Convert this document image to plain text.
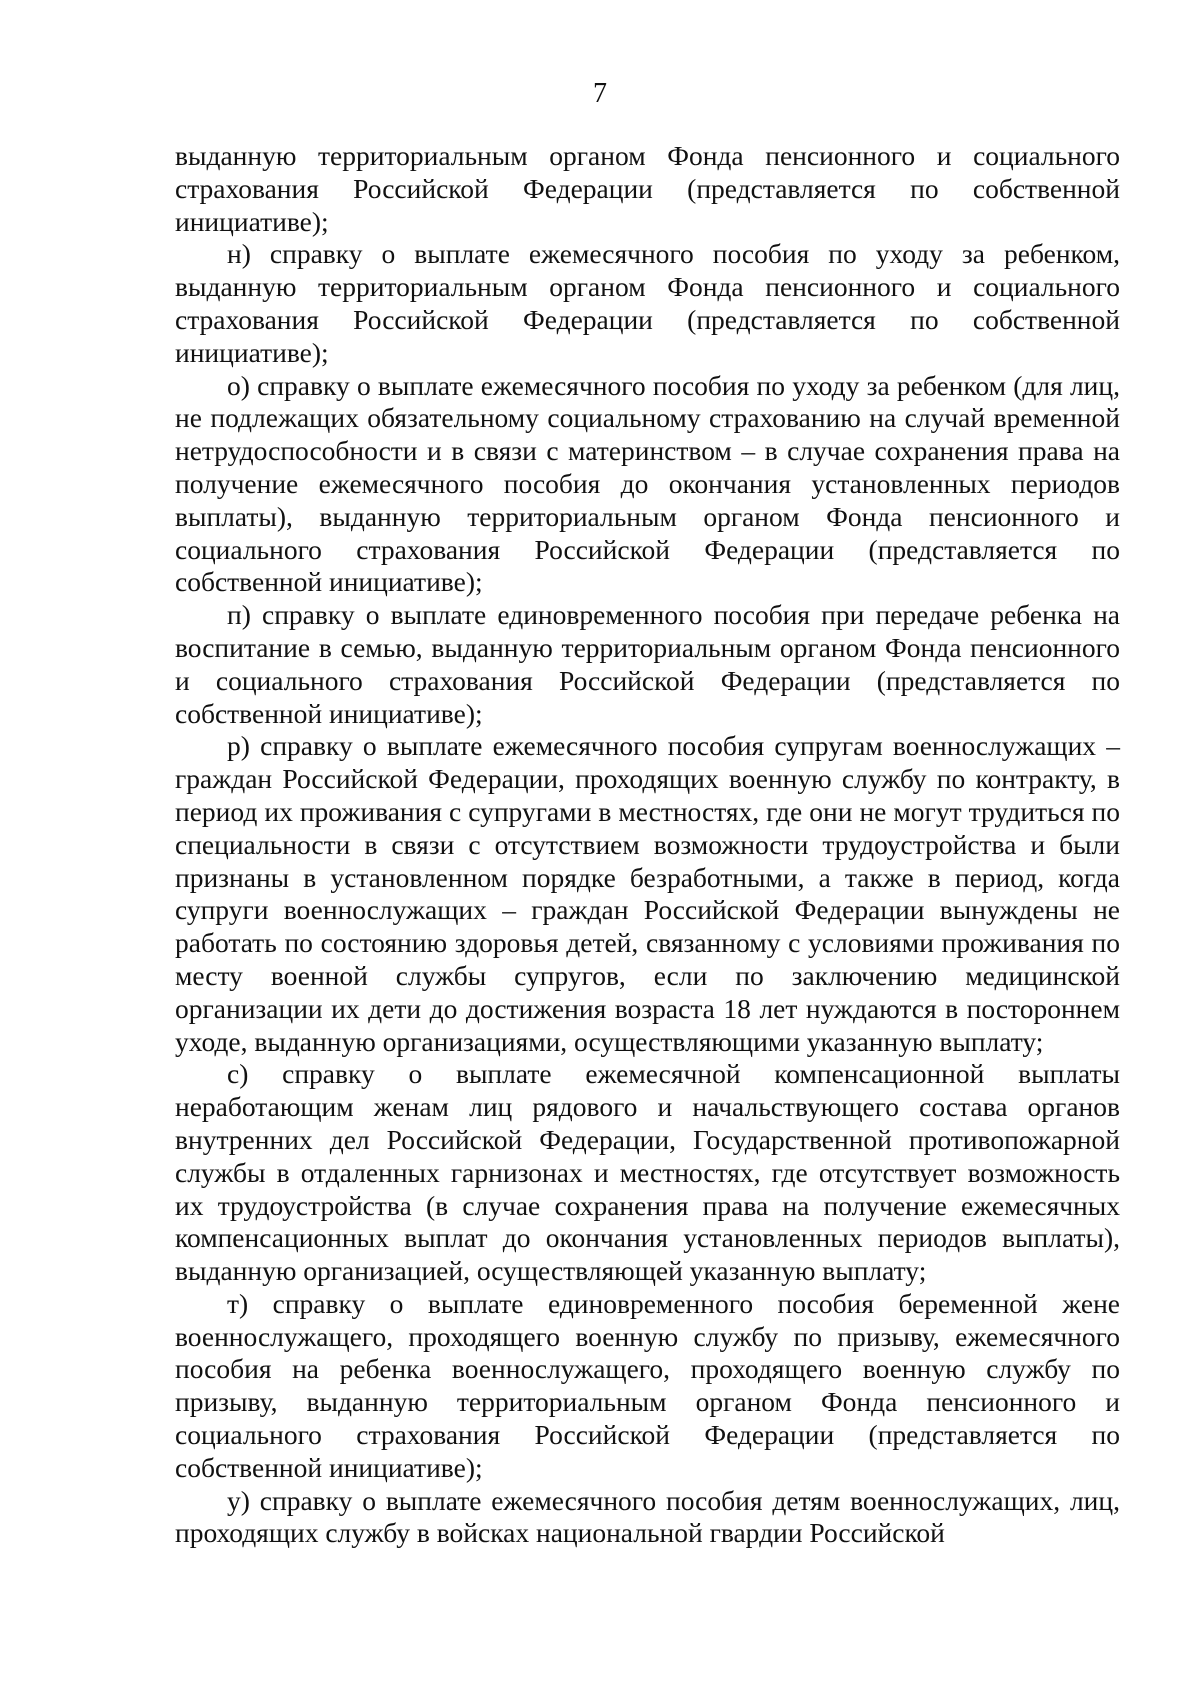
7

выданную территориальным органом Фонда пенсионного и социального страхования Российской Федерации (представляется по собственной инициативе);

н) справку о выплате ежемесячного пособия по уходу за ребенком, выданную территориальным органом Фонда пенсионного и социального страхования Российской Федерации (представляется по собственной инициативе);

о) справку о выплате ежемесячного пособия по уходу за ребенком (для лиц, не подлежащих обязательному социальному страхованию на случай временной нетрудоспособности и в связи с материнством – в случае сохранения права на получение ежемесячного пособия до окончания установленных периодов выплаты), выданную территориальным органом Фонда пенсионного и социального страхования Российской Федерации (представляется по собственной инициативе);

п) справку о выплате единовременного пособия при передаче ребенка на воспитание в семью, выданную территориальным органом Фонда пенсионного и социального страхования Российской Федерации (представляется по собственной инициативе);

р) справку о выплате ежемесячного пособия супругам военнослужащих – граждан Российской Федерации, проходящих военную службу по контракту, в период их проживания с супругами в местностях, где они не могут трудиться по специальности в связи с отсутствием возможности трудоустройства и были признаны в установленном порядке безработными, а также в период, когда супруги военнослужащих – граждан Российской Федерации вынуждены не работать по состоянию здоровья детей, связанному с условиями проживания по месту военной службы супругов, если по заключению медицинской организации их дети до достижения возраста 18 лет нуждаются в постороннем уходе, выданную организациями, осуществляющими указанную выплату;

с) справку о выплате ежемесячной компенсационной выплаты неработающим женам лиц рядового и начальствующего состава органов внутренних дел Российской Федерации, Государственной противопожарной службы в отдаленных гарнизонах и местностях, где отсутствует возможность их трудоустройства (в случае сохранения права на получение ежемесячных компенсационных выплат до окончания установленных периодов выплаты), выданную организацией, осуществляющей указанную выплату;

т) справку о выплате единовременного пособия беременной жене военнослужащего, проходящего военную службу по призыву, ежемесячного пособия на ребенка военнослужащего, проходящего военную службу по призыву, выданную территориальным органом Фонда пенсионного и социального страхования Российской Федерации (представляется по собственной инициативе);

у) справку о выплате ежемесячного пособия детям военнослужащих, лиц, проходящих службу в войсках национальной гвардии Российской
